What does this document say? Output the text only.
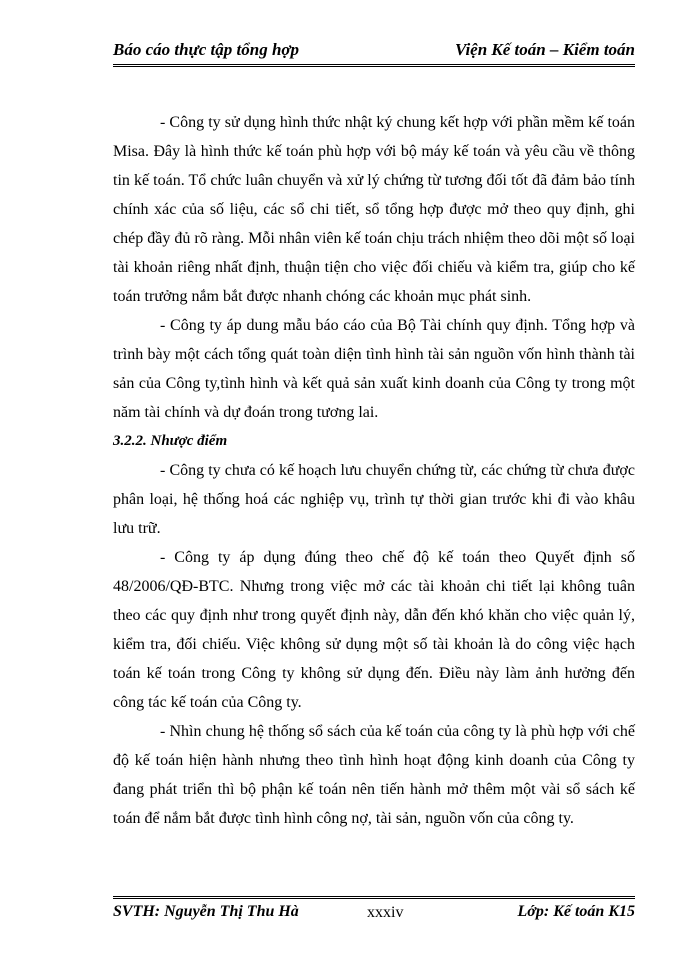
Báo cáo thực tập tổng hợp	Viện Kế toán – Kiểm toán

- Công ty sử dụng hình thức nhật ký chung kết hợp với phần mềm kế toán Misa. Đây là hình thức kế toán phù hợp với bộ máy kế toán và yêu cầu về thông tin kế toán. Tổ chức luân chuyển và xử lý chứng từ tương đối tốt đã đảm bảo tính chính xác của số liệu, các sổ chi tiết, sổ tổng hợp được mở theo quy định, ghi chép đầy đủ rõ ràng. Mỗi nhân viên kế toán chịu trách nhiệm theo dõi một số loại tài khoản riêng nhất định, thuận tiện cho việc đối chiếu và kiểm tra, giúp cho kế toán trưởng nắm bắt được nhanh chóng các khoản mục phát sinh.

- Công ty áp dung mẫu báo cáo của Bộ Tài chính quy định. Tổng hợp và trình bày một cách tổng quát toàn diện tình hình tài sản nguồn vốn hình thành tài sản của Công ty,tình hình và kết quả sản xuất kinh doanh của Công ty trong một năm tài chính và dự đoán trong tương lai.

3.2.2. Nhược điểm

- Công ty chưa có kế hoạch lưu chuyển chứng từ, các chứng từ chưa được phân loại, hệ thống hoá các nghiệp vụ, trình tự thời gian trước khi đi vào khâu lưu trữ.

- Công ty áp dụng đúng theo chế độ kế toán theo Quyết định số 48/2006/QĐ-BTC. Nhưng trong việc mở các tài khoản chi tiết lại không tuân theo các quy định như trong quyết định này, dẫn đến khó khăn cho việc quản lý, kiểm tra, đối chiếu. Việc không sử dụng một số tài khoản là do công việc hạch toán kế toán trong Công ty không sử dụng đến. Điều này làm ảnh hưởng đến công tác kế toán của Công ty.

- Nhìn chung hệ thống sổ sách của kế toán của công ty là phù hợp với chế độ kế toán hiện hành nhưng theo tình hình hoạt động kinh doanh của Công ty đang phát triển thì bộ phận kế toán nên tiến hành mở thêm một vài sổ sách kế toán để nắm bắt được tình hình công nợ, tài sản, nguồn vốn của công ty.

SVTH: Nguyễn Thị Thu Hà	xxxiv	Lớp: Kế toán K15
